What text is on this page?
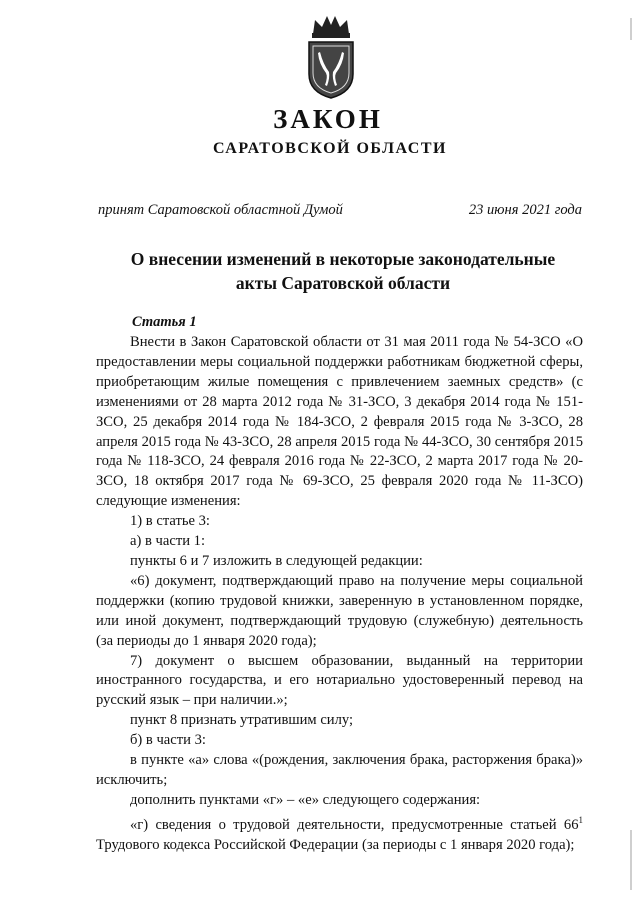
ЗАКОН
САРАТОВСКОЙ ОБЛАСТИ
принят Саратовской областной Думой	23 июня 2021 года
О внесении изменений в некоторые законодательные
акты Саратовской области
Статья 1

Внести в Закон Саратовской области от 31 мая 2011 года № 54-ЗСО «О предоставлении меры социальной поддержки работникам бюджетной сферы, приобретающим жилые помещения с привлечением заемных средств» (с изменениями от 28 марта 2012 года № 31-ЗСО, 3 декабря 2014 года № 151-ЗСО, 25 декабря 2014 года № 184-ЗСО, 2 февраля 2015 года № 3-ЗСО, 28 апреля 2015 года № 43-ЗСО, 28 апреля 2015 года № 44-ЗСО, 30 сентября 2015 года № 118-ЗСО, 24 февраля 2016 года № 22-ЗСО, 2 марта 2017 года № 20-ЗСО, 18 октября 2017 года № 69-ЗСО, 25 февраля 2020 года № 11-ЗСО) следующие изменения:

1) в статье 3:

а) в части 1:

пункты 6 и 7 изложить в следующей редакции:

«6) документ, подтверждающий право на получение меры социальной поддержки (копию трудовой книжки, заверенную в установленном порядке, или иной документ, подтверждающий трудовую (служебную) деятельность (за периоды до 1 января 2020 года);

7) документ о высшем образовании, выданный на территории иностранного государства, и его нотариально удостоверенный перевод на русский язык – при наличии.»;

пункт 8 признать утратившим силу;

б) в части 3:

в пункте «а» слова «(рождения, заключения брака, расторжения брака)» исключить;

дополнить пунктами «г» – «е» следующего содержания:

«г) сведения о трудовой деятельности, предусмотренные статьей $66^1$ Трудового кодекса Российской Федерации (за периоды с 1 января 2020 года);
